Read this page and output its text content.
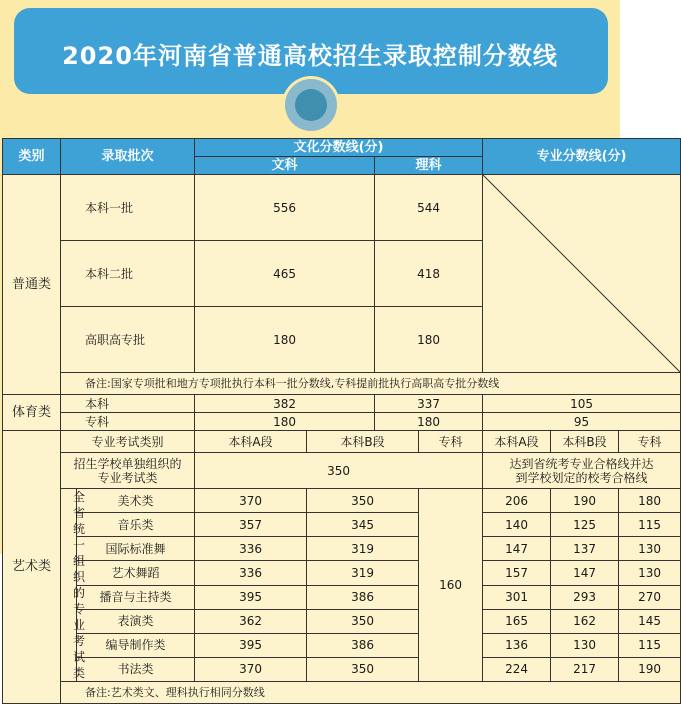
2020年河南省普通高校招生录取控制分数线
类别	录取批次		文化分数线(分)				专业分数线(分)		
			文科		理科				
普通类	本科一批		556		544	

	本科二批		465		418				
	高职高专批		180		180				
	备注:国家专项批和地方专项批执行本科一批分数线,专科提前批执行高职高专批分数线								
体育类	本科		382		337		105		
	专科		180		180		95		
艺术类	专业考试类别		本科A段	本科B段		专科	本科A段	本科B段	专科
	招生学校单独组织的专业考试类		350				达到省统考专业合格线并达到学校划定的校考合格线		
	全省统一组织的专业考试类	美术类	370	350		160	206	190	180
		音乐类	357	345			140	125	115
		国际标准舞	336	319			147	137	130
		艺术舞蹈	336	319			157	147	130
		播音与主持类	395	386			301	293	270
		表演类	362	350			165	162	145
		编导制作类	395	386			136	130	115
		书法类	370	350			224	217	190
	备注:艺术类文、理科执行相同分数线								
